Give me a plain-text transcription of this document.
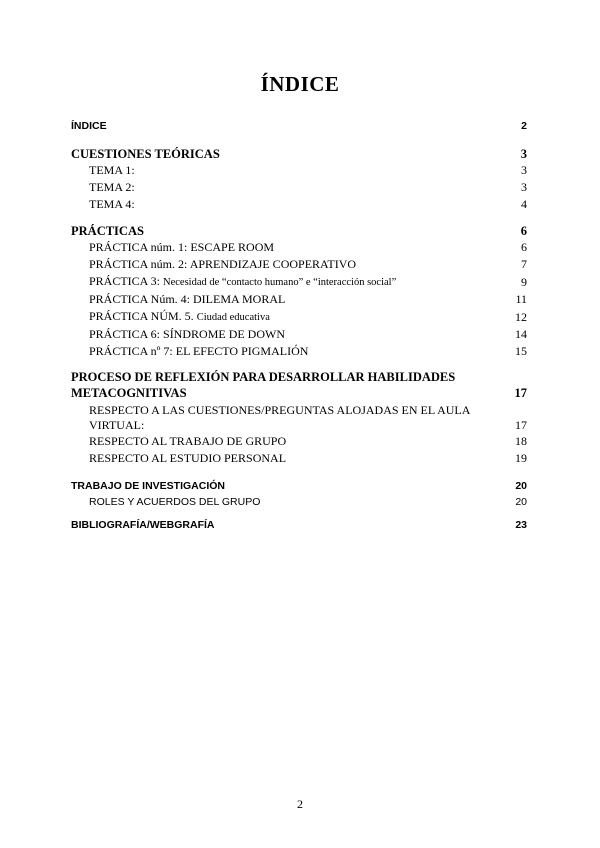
ÍNDICE
ÍNDICE	2
CUESTIONES TEÓRICAS	3
TEMA 1:	3
TEMA 2:	3
TEMA 4:	4
PRÁCTICAS	6
PRÁCTICA núm. 1: ESCAPE ROOM	6
PRÁCTICA núm. 2: APRENDIZAJE COOPERATIVO	7
PRÁCTICA 3: Necesidad de “contacto humano” e “interacción social”	9
PRÁCTICA Núm. 4: DILEMA MORAL	11
PRÁCTICA NÚM. 5. Ciudad educativa	12
PRÁCTICA 6: SÍNDROME DE DOWN	14
PRÁCTICA nº 7: EL EFECTO PIGMALIÓN	15
PROCESO DE REFLEXIÓN PARA DESARROLLAR HABILIDADES
METACOGNITIVAS	17
RESPECTO A LAS CUESTIONES/PREGUNTAS ALOJADAS EN EL AULA
VIRTUAL:	17
RESPECTO AL TRABAJO DE GRUPO	18
RESPECTO AL ESTUDIO PERSONAL	19
TRABAJO DE INVESTIGACIÓN	20
ROLES Y ACUERDOS DEL GRUPO	20
BIBLIOGRAFÍA/WEBGRAFÍA	23
2
